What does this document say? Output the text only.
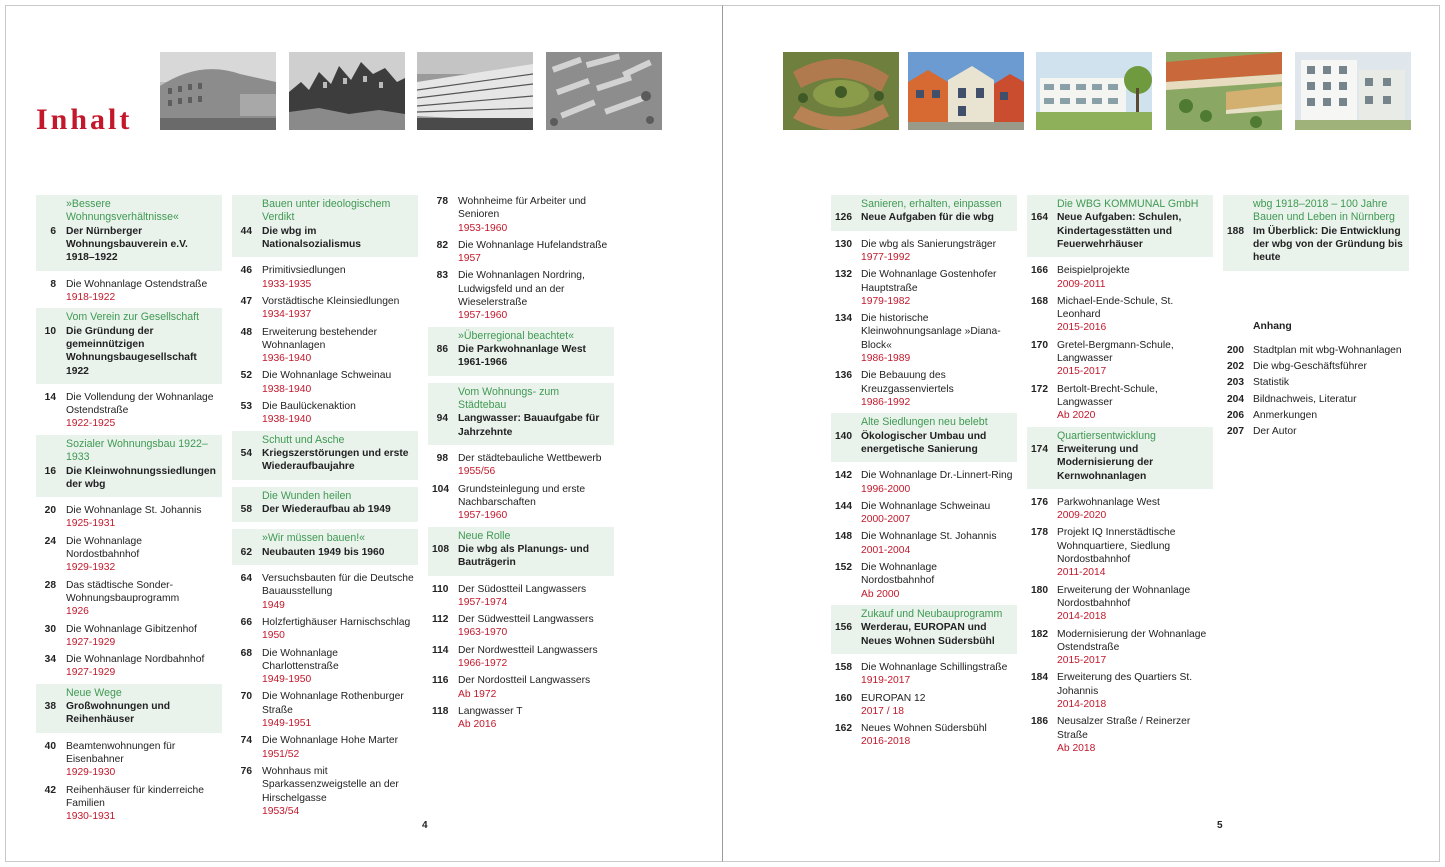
Inhalt
»Bessere Wohnungsverhältnisse«
6 Der Nürnberger Wohnungsbauverein e.V. 1918–1922
8 Die Wohnanlage Ostendstraße
1918-1922
Vom Verein zur Gesellschaft
10 Die Gründung der gemeinnützigen Wohnungsbaugesellschaft 1922
14 Die Vollendung der Wohnanlage Ostendstraße
1922-1925
Sozialer Wohnungsbau 1922–1933
16 Die Kleinwohnungssiedlungen der wbg
20 Die Wohnanlage St. Johannis
1925-1931
24 Die Wohnanlage Nordostbahnhof
1929-1932
28 Das städtische Sonder-Wohnungsbauprogramm
1926
30 Die Wohnanlage Gibitzenhof
1927-1929
34 Die Wohnanlage Nordbahnhof
1927-1929
Neue Wege
38 Großwohnungen und Reihenhäuser
40 Beamtenwohnungen für Eisenbahner
1929-1930
42 Reihenhäuser für kinderreiche Familien
1930-1931
Bauen unter ideologischem Verdikt
44 Die wbg im Nationalsozialismus
46 Primitivsiedlungen
1933-1935
47 Vorstädtische Kleinsiedlungen
1934-1937
48 Erweiterung bestehender Wohnanlagen
1936-1940
52 Die Wohnanlage Schweinau
1938-1940
53 Die Baulückenaktion
1938-1940
Schutt und Asche
54 Kriegszerstörungen und erste Wiederaufbaujahre
Die Wunden heilen
58 Der Wiederaufbau ab 1949
»Wir müssen bauen!«
62 Neubauten 1949 bis 1960
64 Versuchsbauten für die Deutsche Bauausstellung
1949
66 Holzfertighäuser Harnischschlag
1950
68 Die Wohnanlage Charlottenstraße
1949-1950
70 Die Wohnanlage Rothenburger Straße
1949-1951
74 Die Wohnanlage Hohe Marter
1951/52
76 Wohnhaus mit Sparkassenzweigstelle an der Hirschelgasse
1953/54
78 Wohnheime für Arbeiter und Senioren
1953-1960
82 Die Wohnanlage Hufelandstraße
1957
83 Die Wohnanlagen Nordring, Ludwigsfeld und an der Wieselerstraße
1957-1960
»Überregional beachtet«
86 Die Parkwohnanlage West 1961-1966
Vom Wohnungs- zum Städtebau
94 Langwasser: Bauaufgabe für Jahrzehnte
98 Der städtebauliche Wettbewerb
1955/56
104 Grundsteinlegung und erste Nachbarschaften
1957-1960
Neue Rolle
108 Die wbg als Planungs- und Bauträgerin
110 Der Südostteil Langwassers
1957-1974
112 Der Südwestteil Langwassers
1963-1970
114 Der Nordwestteil Langwassers
1966-1972
116 Der Nordostteil Langwassers
Ab 1972
118 Langwasser T
Ab 2016
4
Sanieren, erhalten, einpassen
126 Neue Aufgaben für die wbg
130 Die wbg als Sanierungsträger
1977-1992
132 Die Wohnanlage Gostenhofer Hauptstraße
1979-1982
134 Die historische Kleinwohnungsanlage »Diana-Block«
1986-1989
136 Die Bebauung des Kreuzgassenviertels
1986-1992
Alte Siedlungen neu belebt
140 Ökologischer Umbau und energetische Sanierung
142 Die Wohnanlage Dr.-Linnert-Ring
1996-2000
144 Die Wohnanlage Schweinau
2000-2007
148 Die Wohnanlage St. Johannis
2001-2004
152 Die Wohnanlage Nordostbahnhof
Ab 2000
Zukauf und Neubauprogramm
156 Werderau, EUROPAN und Neues Wohnen Südersbühl
158 Die Wohnanlage Schillingstraße
1919-2017
160 EUROPAN 12
2017 / 18
162 Neues Wohnen Südersbühl
2016-2018
Die WBG KOMMUNAL GmbH
164 Neue Aufgaben: Schulen, Kindertagesstätten und Feuerwehrhäuser
166 Beispielprojekte
2009-2011
168 Michael-Ende-Schule, St. Leonhard
2015-2016
170 Gretel-Bergmann-Schule, Langwasser
2015-2017
172 Bertolt-Brecht-Schule, Langwasser
Ab 2020
Quartiersentwicklung
174 Erweiterung und Modernisierung der Kernwohnanlagen
176 Parkwohnanlage West
2009-2020
178 Projekt IQ Innerstädtische Wohnquartiere, Siedlung Nordostbahnhof
2011-2014
180 Erweiterung der Wohnanlage Nordostbahnhof
2014-2018
182 Modernisierung der Wohnanlage Ostendstraße
2015-2017
184 Erweiterung des Quartiers St. Johannis
2014-2018
186 Neusalzer Straße / Reinerzer Straße
Ab 2018
wbg 1918–2018 – 100 Jahre Bauen und Leben in Nürnberg
188 Im Überblick: Die Entwicklung der wbg von der Gründung bis heute
Anhang
200 Stadtplan mit wbg-Wohnanlagen
202 Die wbg-Geschäftsführer
203 Statistik
204 Bildnachweis, Literatur
206 Anmerkungen
207 Der Autor
5
